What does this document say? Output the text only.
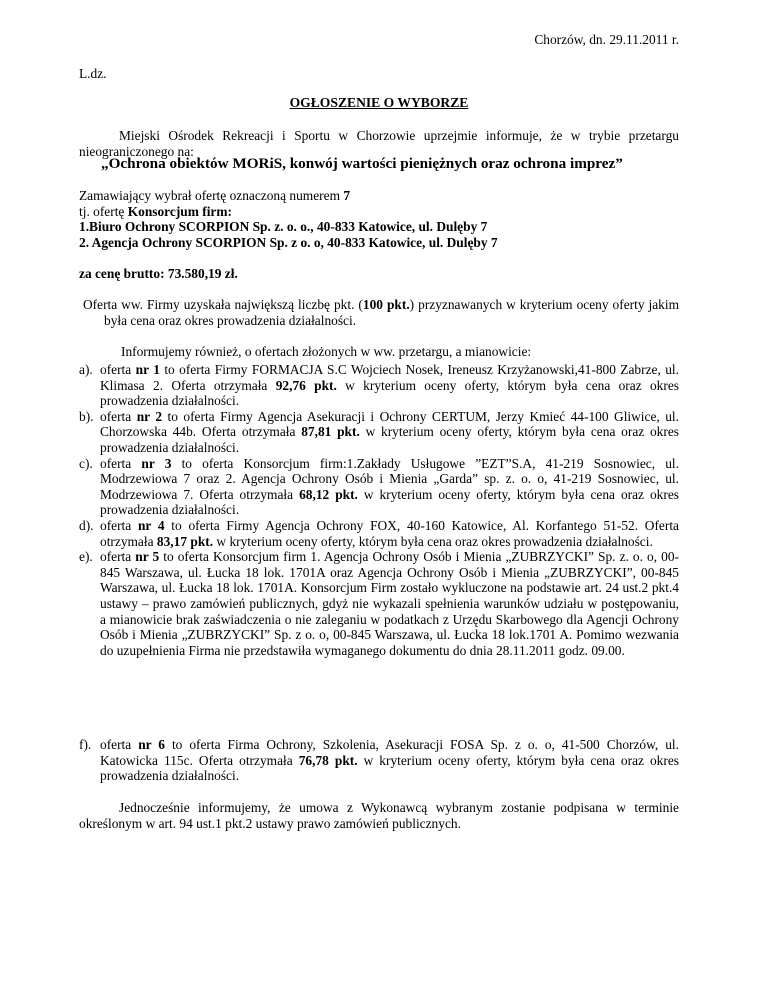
Chorzów, dn. 29.11.2011 r.

L.dz.

OGŁOSZENIE O WYBORZE

Miejski Ośrodek Rekreacji i Sportu w Chorzowie uprzejmie informuje, że w trybie przetargu nieograniczonego na:

„Ochrona obiektów MORiS, konwój wartości pieniężnych oraz ochrona imprez”

Zamawiający wybrał ofertę oznaczoną numerem 7

tj. ofertę Konsorcjum firm:

1.Biuro Ochrony SCORPION Sp. z. o. o., 40-833 Katowice, ul. Dulęby 7

2. Agencja Ochrony SCORPION Sp. z o. o, 40-833 Katowice, ul. Dulęby 7

za cenę brutto: 73.580,19 zł.

Oferta ww. Firmy uzyskała największą liczbę pkt. (100 pkt.) przyznawanych w kryterium oceny oferty jakim była cena oraz okres prowadzenia działalności.

Informujemy również, o ofertach złożonych w ww. przetargu, a mianowicie:

a). oferta nr 1 to oferta Firmy FORMACJA S.C Wojciech Nosek, Ireneusz Krzyżanowski,41-800 Zabrze, ul. Klimasa 2. Oferta otrzymała 92,76 pkt. w kryterium oceny oferty, którym była cena oraz okres prowadzenia działalności.
b). oferta nr 2 to oferta Firmy Agencja Asekuracji i Ochrony CERTUM, Jerzy Kmieć 44-100 Gliwice, ul. Chorzowska 44b. Oferta otrzymała 87,81 pkt. w kryterium oceny oferty, którym była cena oraz okres prowadzenia działalności.
c). oferta nr 3 to oferta Konsorcjum firm:1.Zakłady Usługowe ”EZT”S.A, 41-219 Sosnowiec, ul. Modrzewiowa 7 oraz 2. Agencja Ochrony Osób i Mienia „Garda” sp. z. o. o, 41-219 Sosnowiec, ul. Modrzewiowa 7. Oferta otrzymała 68,12 pkt. w kryterium oceny oferty, którym była cena oraz okres prowadzenia działalności.
d). oferta nr 4 to oferta Firmy Agencja Ochrony FOX, 40-160 Katowice, Al. Korfantego 51-52. Oferta otrzymała 83,17 pkt. w kryterium oceny oferty, którym była cena oraz okres prowadzenia działalności.
e). oferta nr 5 to oferta Konsorcjum firm 1. Agencja Ochrony Osób i Mienia „ZUBRZYCKI” Sp. z. o. o, 00-845 Warszawa, ul. Łucka 18 lok. 1701A oraz Agencja Ochrony Osób i Mienia „ZUBRZYCKI”, 00-845 Warszawa, ul. Łucka 18 lok. 1701A. Konsorcjum Firm zostało wykluczone na podstawie art. 24 ust.2 pkt.4 ustawy – prawo zamówień publicznych, gdyż nie wykazali spełnienia warunków udziału w postępowaniu, a mianowicie brak zaświadczenia o nie zaleganiu w podatkach z Urzędu Skarbowego dla Agencji Ochrony Osób i Mienia „ZUBRZYCKI” Sp. z o. o, 00-845 Warszawa, ul. Łucka 18 lok.1701 A. Pomimo wezwania do uzupełnienia Firma nie przedstawiła wymaganego dokumentu do dnia 28.11.2011 godz. 09.00.
f). oferta nr 6 to oferta Firma Ochrony, Szkolenia, Asekuracji FOSA Sp. z o. o, 41-500 Chorzów, ul. Katowicka 115c. Oferta otrzymała 76,78 pkt. w kryterium oceny oferty, którym była cena oraz okres prowadzenia działalności.

Jednocześnie informujemy, że umowa z Wykonawcą wybranym zostanie podpisana w terminie określonym w art. 94 ust.1 pkt.2 ustawy prawo zamówień publicznych.
